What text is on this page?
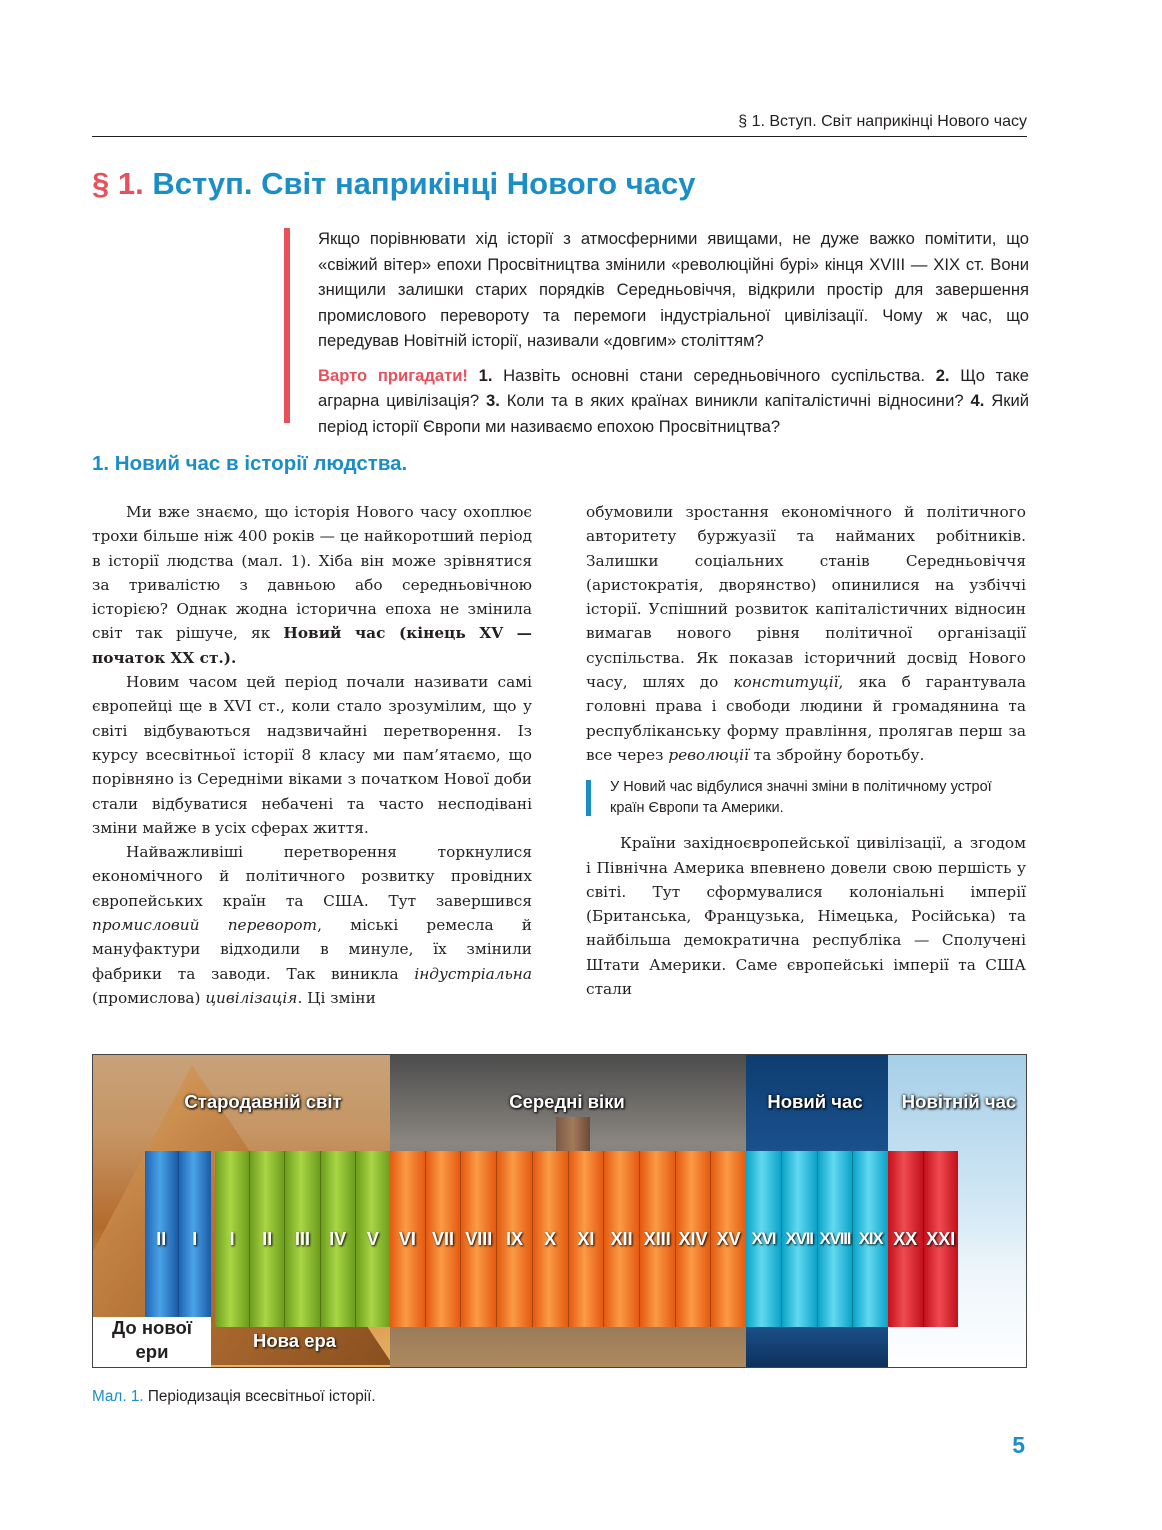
§ 1. Вступ. Світ наприкінці Нового часу
§ 1. Вступ. Світ наприкінці Нового часу

Якщо порівнювати хід історії з атмосферними явищами, не дуже важко помітити, що «свіжий вітер» епохи Просвітництва змінили «революційні бурі» кінця XVIII — XIX ст. Вони знищили залишки старих порядків Середньовіччя, відкрили простір для завершення промислового перевороту та перемоги індустріальної цивілізації. Чому ж час, що передував Новітній історії, називали «довгим» століттям?

Варто пригадати! 1. Назвіть основні стани середньовічного суспільства. 2. Що таке аграрна цивілізація? 3. Коли та в яких країнах виникли капіталістичні відносини? 4. Який період історії Європи ми називаємо епохою Просвітництва?

1. Новий час в історії людства.

Ми вже знаємо, що історія Нового часу охоплює трохи більше ніж 400 років — це найкоротший період в історії людства (мал. 1). Хіба він може зрівнятися за тривалістю з давньою або середньовічною історією? Однак жодна історична епоха не змінила світ так рішуче, як Новий час (кінець XV — початок XX ст.).

Новим часом цей період почали називати самі європейці ще в XVI ст., коли стало зрозумілим, що у світі відбуваються надзвичайні перетворення. Із курсу всесвітньої історії 8 класу ми пам’ятаємо, що порівняно із Середніми віками з початком Нової доби стали відбуватися небачені та часто несподівані зміни майже в усіх сферах життя.

Найважливіші перетворення торкнулися економічного й політичного розвитку провідних європейських країн та США. Тут завершився промисловий переворот, міські ремесла й мануфактури відходили в минуле, їх змінили фабрики та заводи. Так виникла індустріальна (промислова) цивілізація. Ці зміни

обумовили зростання економічного й політичного авторитету буржуазії та найманих робітників. Залишки соціальних станів Середньовіччя (аристократія, дворянство) опинилися на узбіччі історії. Успішний розвиток капіталістичних відносин вимагав нового рівня політичної організації суспільства. Як показав історичний досвід Нового часу, шлях до конституції, яка б гарантувала головні права і свободи людини й громадянина та республіканську форму правління, пролягав перш за все через революції та збройну боротьбу.

У Новий час відбулися значні зміни в політичному устрої країн Європи та Америки.

Країни західноєвропейської цивілізації, а згодом і Північна Америка впевнено довели свою першість у світі. Тут сформувалися колоніальні імперії (Британська, Французька, Німецька, Російська) та найбільша демократична республіка — Сполучені Штати Америки. Саме європейські імперії та США стали

Стародавній світ	Середні віки	Новий час Новітній час
II	I	I	II	III	IV	V	VI VII VIII IX	X	XI XII XIII XIV XV XVI XVII XVIII XIX XX XXI
До нової ери
Нова ера
Мал. 1. Періодизація всесвітньої історії.
5
